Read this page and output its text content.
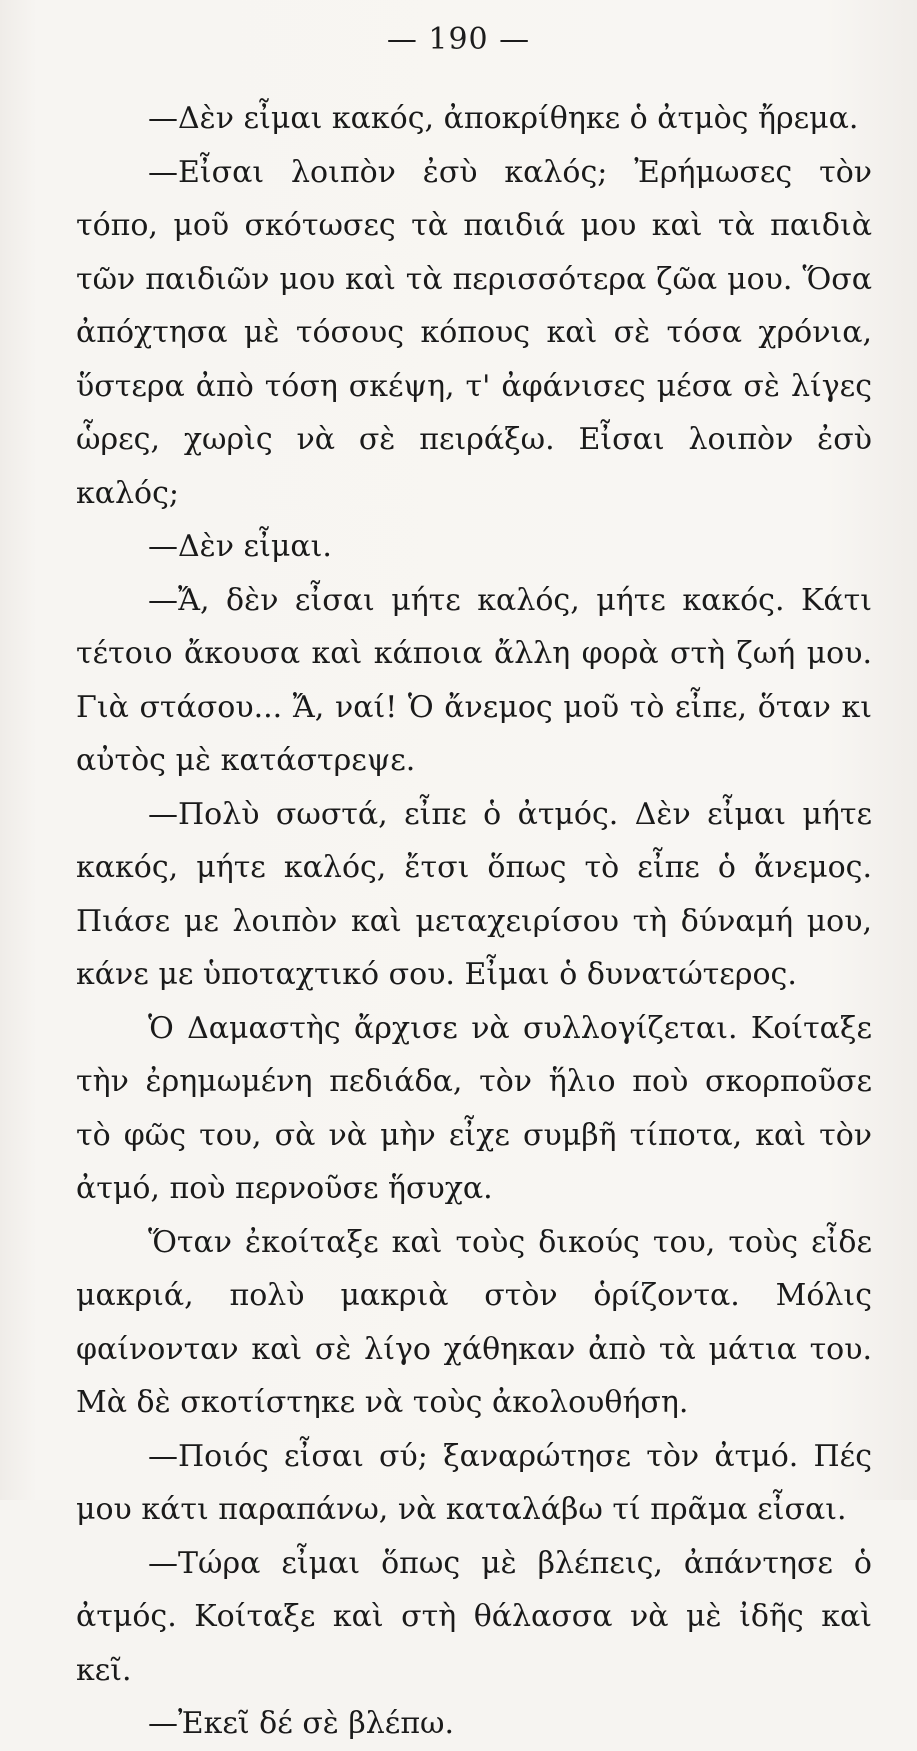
— 190 —

—Δὲν εἶμαι κακός, ἀποκρίθηκε ὁ ἀτμὸς ἤρεμα.

—Εἶσαι λοιπὸν ἐσὺ καλός; Ἐρήμωσες τὸν τόπο, μοῦ σκότωσες τὰ παιδιά μου καὶ τὰ παιδιὰ τῶν παιδιῶν μου καὶ τὰ περισσότερα ζῶα μου. Ὅσα ἀπόχτησα μὲ τόσους κόπους καὶ σὲ τόσα χρόνια, ὕστερα ἀπὸ τόση σκέψη, τ' ἀφάνισες μέσα σὲ λίγες ὧρες, χωρὶς νὰ σὲ πειράξω. Εἶσαι λοιπὸν ἐσὺ καλός;

—Δὲν εἶμαι.

—Ἄ, δὲν εἶσαι μήτε καλός, μήτε κακός. Κάτι τέτοιο ἄκουσα καὶ κάποια ἄλλη φορὰ στὴ ζωή μου. Γιὰ στάσου... Ἄ, ναί! Ὁ ἄνεμος μοῦ τὸ εἶπε, ὅταν κι αὐτὸς μὲ κατάστρεψε.

—Πολὺ σωστά, εἶπε ὁ ἀτμός. Δὲν εἶμαι μήτε κακός, μήτε καλός, ἔτσι ὅπως τὸ εἶπε ὁ ἄνεμος. Πιάσε με λοιπὸν καὶ μεταχειρίσου τὴ δύναμή μου, κάνε με ὑποταχτικό σου. Εἶμαι ὁ δυνατώτερος.

Ὁ Δαμαστὴς ἄρχισε νὰ συλλογίζεται. Κοίταξε τὴν ἐρημωμένη πεδιάδα, τὸν ἥλιο ποὺ σκορποῦσε τὸ φῶς του, σὰ νὰ μὴν εἶχε συμβῆ τίποτα, καὶ τὸν ἀτμό, ποὺ περνοῦσε ἥσυχα.

Ὅταν ἐκοίταξε καὶ τοὺς δικούς του, τοὺς εἶδε μακριά, πολὺ μακριὰ στὸν ὁρίζοντα. Μόλις φαίνονταν καὶ σὲ λίγο χάθηκαν ἀπὸ τὰ μάτια του. Μὰ δὲ σκοτίστηκε νὰ τοὺς ἀκολουθήση.

—Ποιός εἶσαι σύ; ξαναρώτησε τὸν ἀτμό. Πές μου κάτι παραπάνω, νὰ καταλάβω τί πρᾶμα εἶσαι.

—Τώρα εἶμαι ὅπως μὲ βλέπεις, ἀπάντησε ὁ ἀτμός. Κοίταξε καὶ στὴ θάλασσα νὰ μὲ ἰδῆς καὶ κεῖ.

—Ἐκεῖ δέ σὲ βλέπω.
